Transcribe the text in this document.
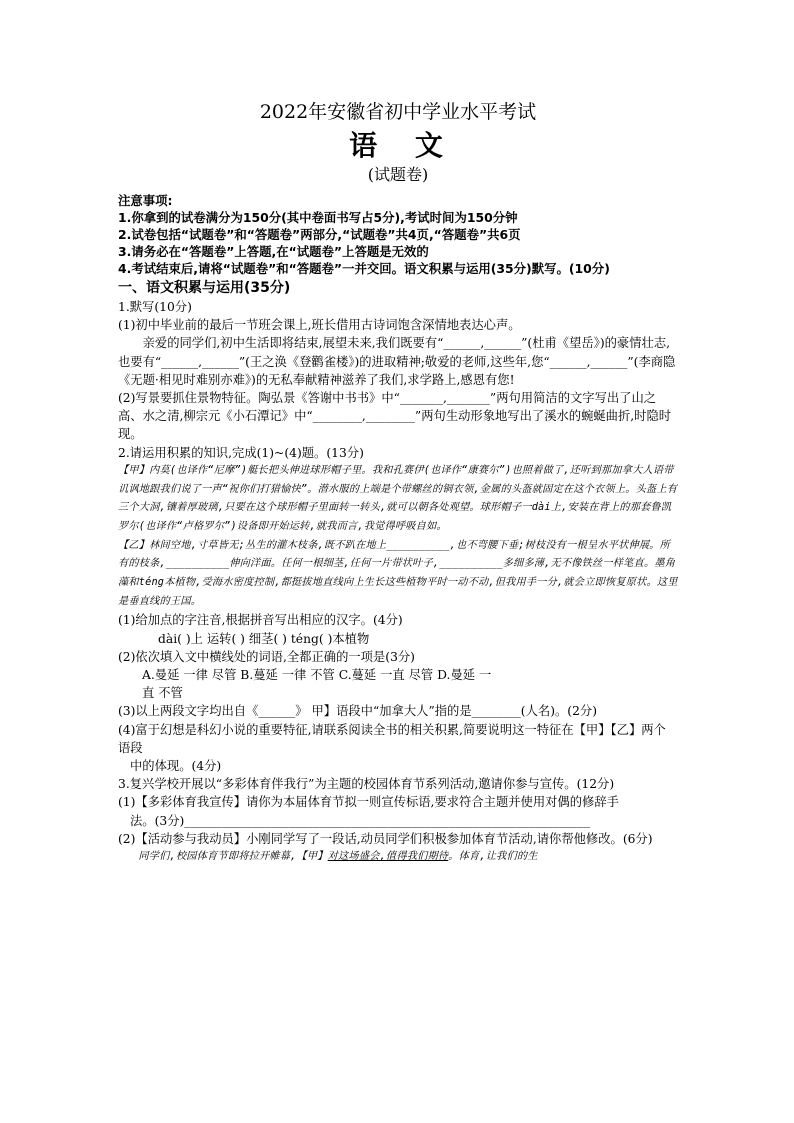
2022年安徽省初中学业水平考试
语 文
(试题卷)
注意事项:
1.你拿到的试卷满分为150分(其中卷面书写占5分),考试时间为150分钟
2.试卷包括“试题卷”和“答题卷”两部分,“试题卷”共4页,“答题卷”共6页
3.请务必在“答题卷”上答题,在“试题卷”上答题是无效的
4.考试结束后,请将“试题卷”和“答题卷”一并交回。语文积累与运用(35分)默写。(10分)
一、语文积累与运用(35分)
1.默写(10分)
(1)初中毕业前的最后一节班会课上,班长借用古诗词饱含深情地表达心声。
亲爱的同学们,初中生活即将结束,展望未来,我们既要有“______,______”(杜甫《望岳》)的豪情壮志,也要有“______,______”(王之涣《登鹳雀楼》)的进取精神;敬爱的老师,这些年,您“______,______”(李商隐《无题·相见时难别亦难》)的无私奉献精神滋养了我们,求学路上,感恩有您!
(2)写景要抓住景物特征。陶弘景《答谢中书书》中“_______,_______”两句用简洁的文字写出了山之高、水之清,柳宗元《小石潭记》中“________,________”两句生动形象地写出了溪水的蜿蜒曲折,时隐时现。
2.请运用积累的知识,完成(1)~(4)题。(13分)
【甲】内莫(也译作“尼摩”)艇长把头伸进球形帽子里。我和孔赛伊(也译作“康赛尔”)也照着做了,还听到那加拿大人语带讥讽地跟我们说了一声“祝你们打猎愉快”。潜水服的上端是个带螺丝的铜衣领,金属的头盔就固定在这个衣领上。头盔上有三个大洞,镶着厚玻璃,只要在这个球形帽子里面转一转头,就可以朝各处观望。球形帽子一dài上,安装在背上的那套鲁凯罗尔(也译作“卢格罗尔”)设备即开始运转,就我而言,我觉得呼吸自如。
【乙】林间空地,寸草皆无;丛生的灌木枝条,既不趴在地上__________,也不弯腰下垂;树枝没有一根呈水平状伸展。所有的枝条,__________伸向洋面。任何一根细茎,任何一片带状叶子,__________多细多薄,无不像铁丝一样笔直。墨角藻和téng本植物,受海水密度控制,都挺拔地直线向上生长这些植物平时一动不动,但我用手一分,就会立即恢复原状。这里是垂直线的王国。
(1)给加点的字注音,根据拼音写出相应的汉字。(4分)
dài( )上 运转( ) 细茎( ) téng( )本植物
(2)依次填入文中横线处的词语,全都正确的一项是(3分)
A.曼延 一律 尽管 B.蔓延 一律 不管 C.蔓延 一直 尽管 D.曼延 一
直 不管
(3)以上两段文字均出自《______》 甲】语段中“加拿大人”指的是________(人名)。(2分)
(4)富于幻想是科幻小说的重要特征,请联系阅读全书的相关积累,简要说明这一特征在【甲】【乙】两个语段
中的体现。(4分)
3.复兴学校开展以“多彩体育伴我行”为主题的校园体育节系列活动,邀请你参与宣传。(12分)
(1)【多彩体育我宣传】请你为本届体育节拟一则宣传标语,要求符合主题并使用对偶的修辞手
法。(3分)__________________________________________________________________
(2)【活动参与我动员】小刚同学写了一段话,动员同学们积极参加体育节活动,请你帮他修改。(6分)
同学们,校园体育节即将拉开帷幕,【甲】对这场盛会,值得我们期待。体育,让我们的生
